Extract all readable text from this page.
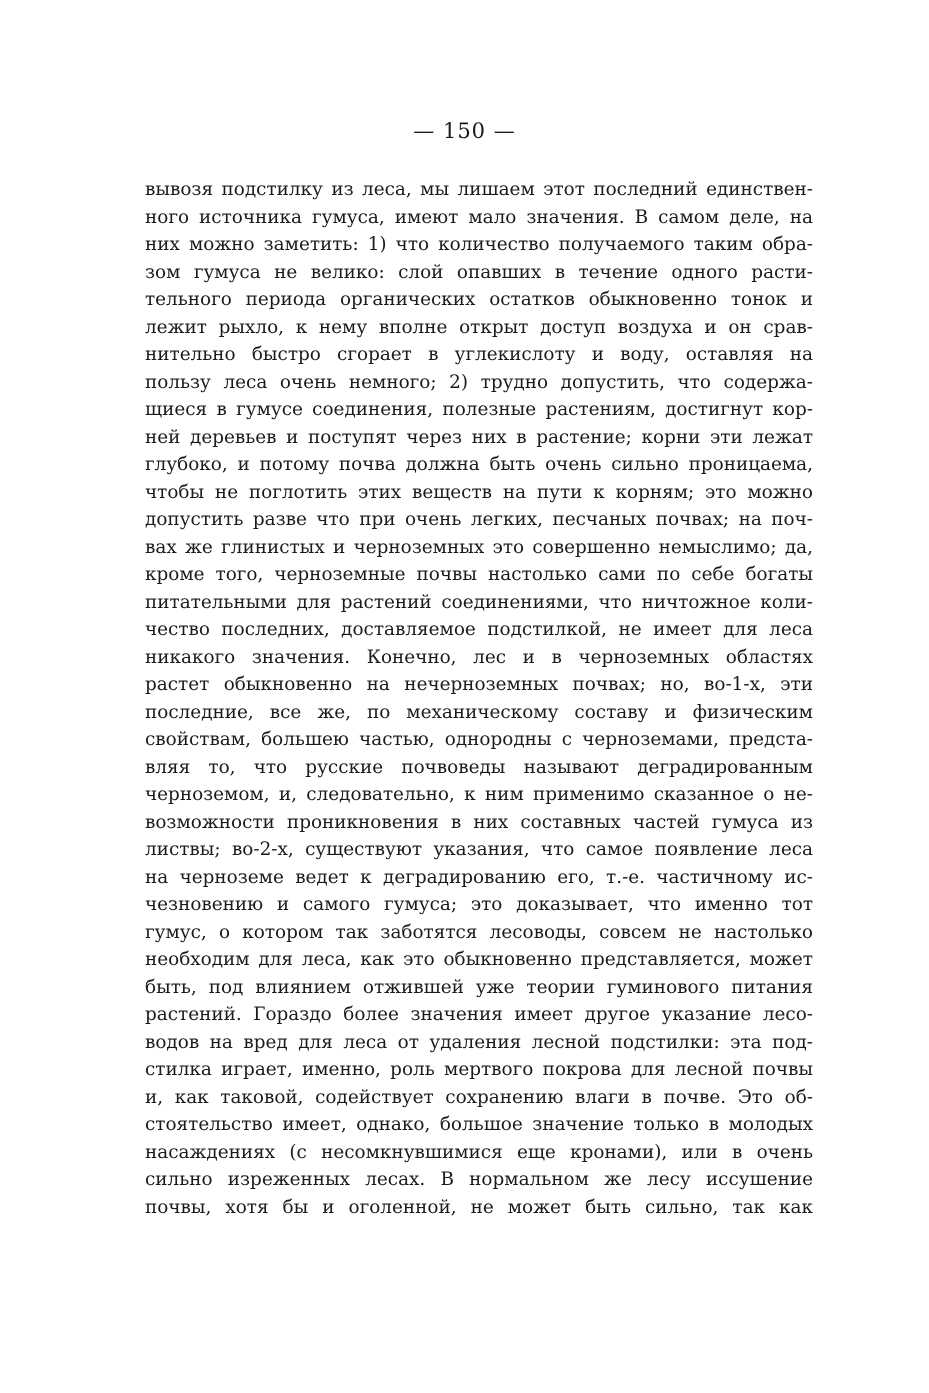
— 150 —
вывозя подстилку из леса, мы лишаем этот последний единствен-
ного источника гумуса, имеют мало значения. В самом деле, на
них можно заметить: 1) что количество получаемого таким обра-
зом гумуса не велико: слой опавших в течение одного расти-
тельного периода органических остатков обыкновенно тонок и
лежит рыхло, к нему вполне открыт доступ воздуха и он срав-
нительно быстро сгорает в углекислоту и воду, оставляя на
пользу леса очень немного; 2) трудно допустить, что содержа-
щиеся в гумусе соединения, полезные растениям, достигнут кор-
ней деревьев и поступят через них в растение; корни эти лежат
глубоко, и потому почва должна быть очень сильно проницаема,
чтобы не поглотить этих веществ на пути к корням; это можно
допустить разве что при очень легких, песчаных почвах; на поч-
вах же глинистых и черноземных это совершенно немыслимо; да,
кроме того, черноземные почвы настолько сами по себе богаты
питательными для растений соединениями, что ничтожное коли-
чество последних, доставляемое подстилкой, не имеет для леса
никакого значения. Конечно, лес и в черноземных областях
растет обыкновенно на нечерноземных почвах; но, во-1-х, эти
последние, все же, по механическому составу и физическим
свойствам, большею частью, однородны с черноземами, предста-
вляя то, что русские почвоведы называют деградированным
черноземом, и, следовательно, к ним применимо сказанное о не-
возможности проникновения в них составных частей гумуса из
листвы; во-2-х, существуют указания, что самое появление леса
на черноземе ведет к деградированию его, т.-е. частичному ис-
чезновению и самого гумуса; это доказывает, что именно тот
гумус, о котором так заботятся лесоводы, совсем не настолько
необходим для леса, как это обыкновенно представляется, может
быть, под влиянием отжившей уже теории гуминового питания
растений. Гораздо более значения имеет другое указание лесо-
водов на вред для леса от удаления лесной подстилки: эта под-
стилка играет, именно, роль мертвого покрова для лесной почвы
и, как таковой, содействует сохранению влаги в почве. Это об-
стоятельство имеет, однако, большое значение только в молодых
насаждениях (с несомкнувшимися еще кронами), или в очень
сильно изреженных лесах. В нормальном же лесу иссушение
почвы, хотя бы и оголенной, не может быть сильно, так как
